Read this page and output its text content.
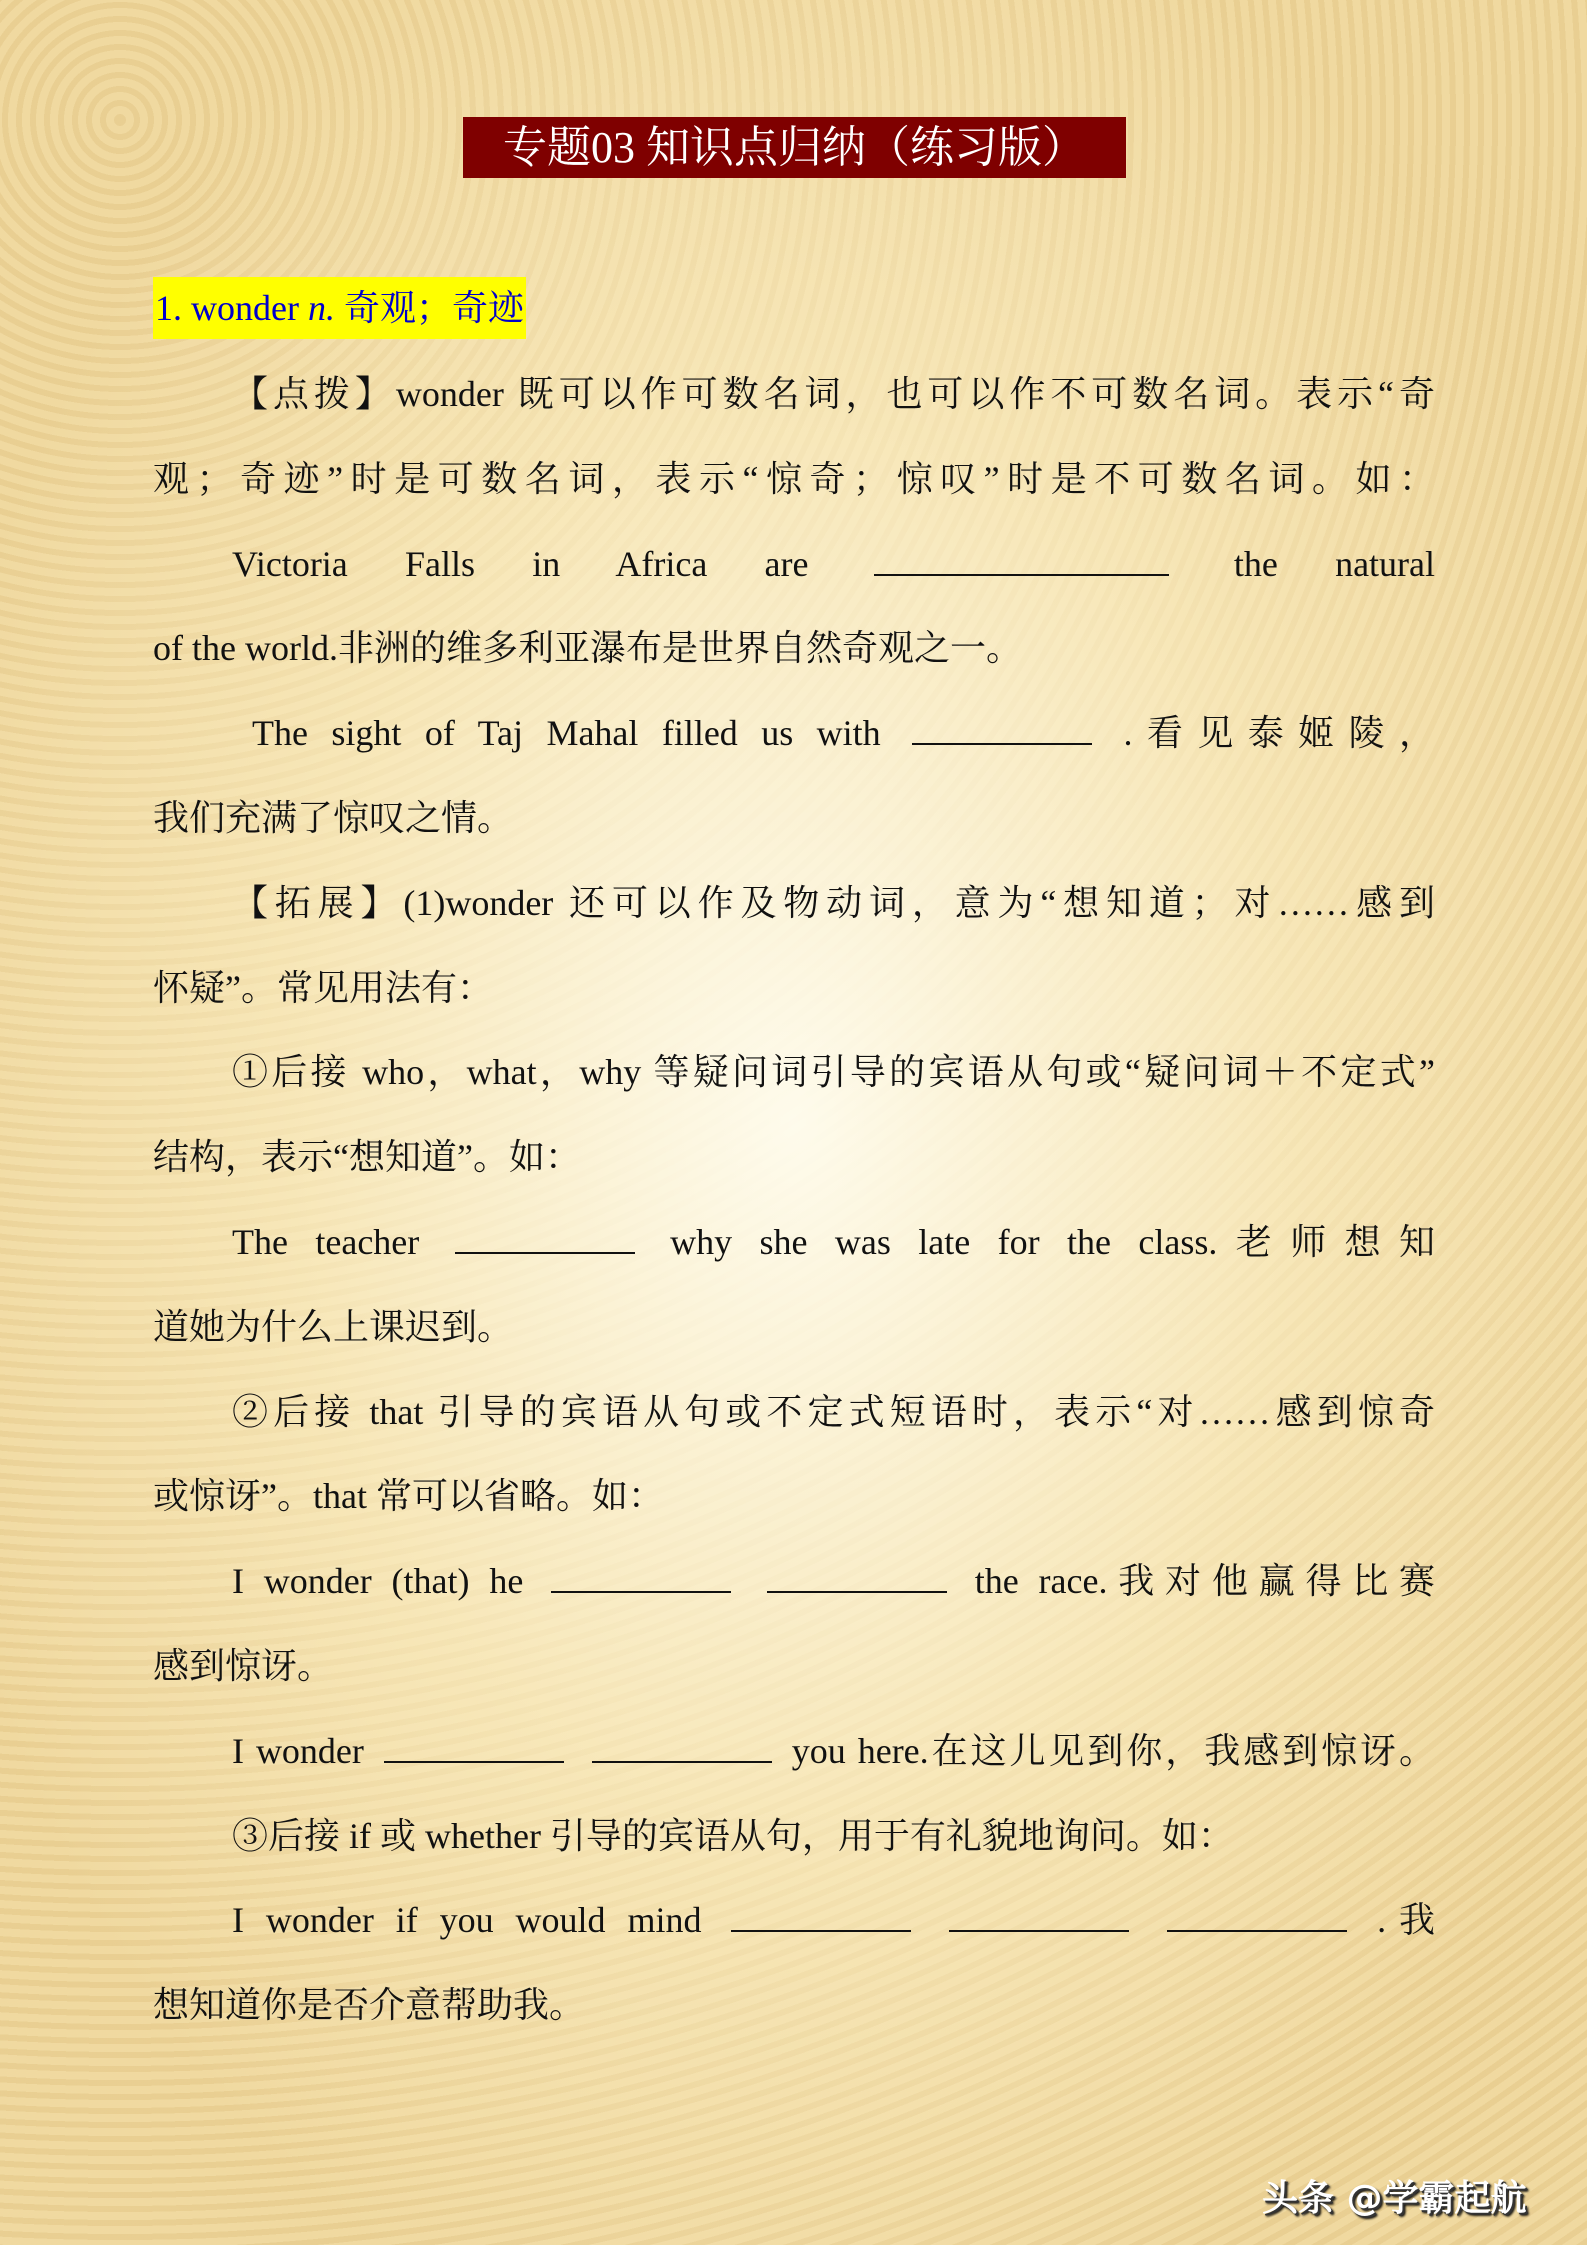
专题03 知识点归纳（练习版）
1. wonder n. 奇观；奇迹
【点拨】wonder 既可以作可数名词，也可以作不可数名词。表示“奇
观；奇迹”时是可数名词，表示“惊奇；惊叹”时是不可数名词。如：
Victoria Falls in Africa are	the natural
of the world.非洲的维多利亚瀑布是世界自然奇观之一。
The sight of Taj Mahal filled us with	.看见泰姬陵，
我们充满了惊叹之情。
【拓展】(1)wonder 还可以作及物动词，意为“想知道；对……感到
怀疑”。常见用法有：
①后接 who，what，why 等疑问词引导的宾语从句或“疑问词＋不定式”
结构，表示“想知道”。如：
The teacher	why she was late for the class.老师想知
道她为什么上课迟到。
②后接 that 引导的宾语从句或不定式短语时，表示“对……感到惊奇
或惊讶”。that 常可以省略。如：
I wonder (that) he	the race.我对他赢得比赛
感到惊讶。
I wonder	you here.在这儿见到你，我感到惊讶。
③后接 if 或 whether 引导的宾语从句，用于有礼貌地询问。如：
I wonder if you would mind	.我
想知道你是否介意帮助我。
头条 @学霸起航
